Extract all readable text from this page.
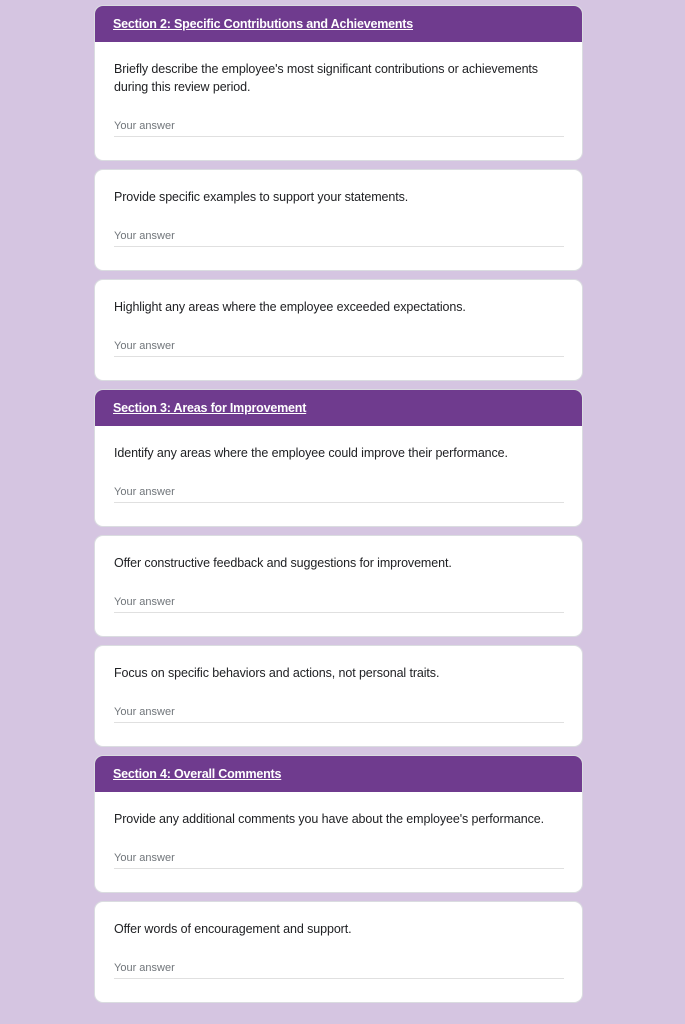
Section 2: Specific Contributions and Achievements

Briefly describe the employee's most significant contributions or achievements during this review period.

Your answer

Provide specific examples to support your statements.

Your answer

Highlight any areas where the employee exceeded expectations.

Your answer
Section 3: Areas for Improvement

Identify any areas where the employee could improve their performance.

Your answer

Offer constructive feedback and suggestions for improvement.

Your answer

Focus on specific behaviors and actions, not personal traits.

Your answer
Section 4: Overall Comments

Provide any additional comments you have about the employee's performance.

Your answer

Offer words of encouragement and support.

Your answer
